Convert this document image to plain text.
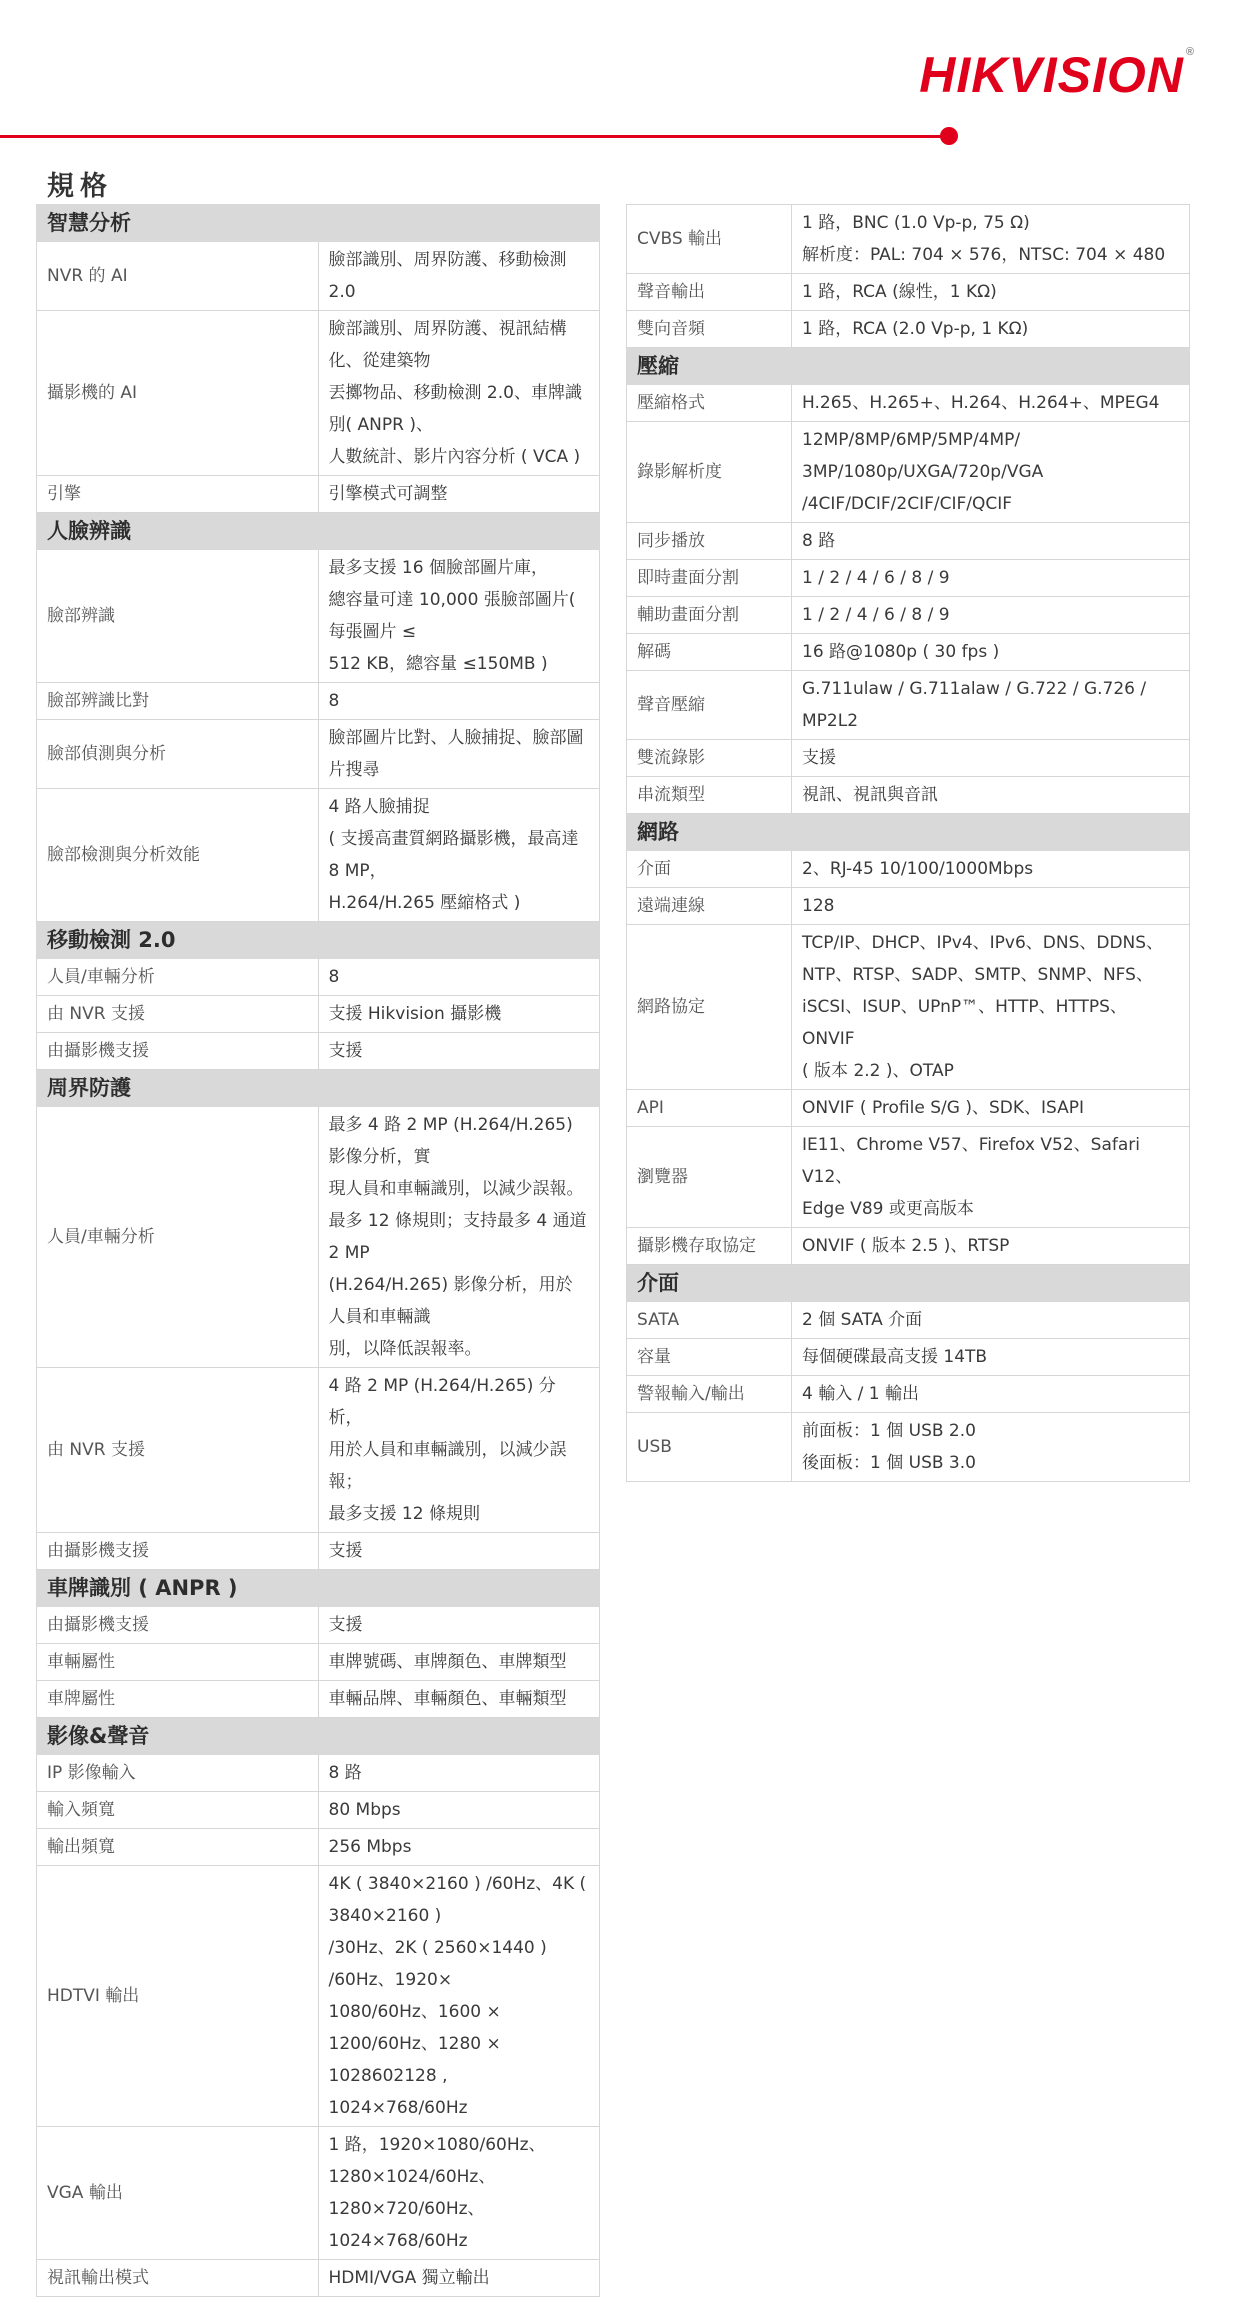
HIKVISION ®
規格
智慧分析	
NVR 的 AI	臉部識別、周界防護、移動檢測 2.0

攝影機的 AI	臉部識別、周界防護、視訊結構化、從建築物
丟擲物品、移動檢測 2.0、車牌識別( ANPR )、
人數統計、影片內容分析 ( VCA )

引擎	引擎模式可調整

人臉辨識	
臉部辨識	最多支援 16 個臉部圖片庫，
總容量可達 10,000 張臉部圖片( 每張圖片 ≤
512 KB，總容量 ≤150MB )

臉部辨識比對	8

臉部偵測與分析	臉部圖片比對、人臉捕捉、臉部圖片搜尋

臉部檢測與分析效能	4 路人臉捕捉
( 支援高畫質網路攝影機，最高達 8 MP，
H.264/H.265 壓縮格式 )

移動檢測 2.0	
人員/車輛分析	8

由 NVR 支援	支援 Hikvision 攝影機

由攝影機支援	支援

周界防護	
人員/車輛分析	最多 4 路 2 MP (H.264/H.265) 影像分析，實
現人員和車輛識別，以減少誤報。
最多 12 條規則；支持最多 4 通道 2 MP
(H.264/H.265) 影像分析，用於人員和車輛識
別，以降低誤報率。

由 NVR 支援	4 路 2 MP (H.264/H.265) 分析，
用於人員和車輛識別，以減少誤報；
最多支援 12 條規則

由攝影機支援	支援

車牌識別 ( ANPR )	
由攝影機支援	支援

車輛屬性	車牌號碼、車牌顏色、車牌類型

車牌屬性	車輛品牌、車輛顏色、車輛類型

影像&聲音	
IP 影像輸入	8 路

輸入頻寬	80 Mbps

輸出頻寬	256 Mbps

HDTVI 輸出	4K ( 3840×2160 ) /60Hz、4K ( 3840×2160 )
/30Hz、2K ( 2560×1440 ) /60Hz、1920×
1080/60Hz、1600 × 1200/60Hz、1280 ×
1028602128 , 1024×768/60Hz

VGA 輸出	1 路，1920×1080/60Hz、1280×1024/60Hz、
1280×720/60Hz、1024×768/60Hz

視訊輸出模式	HDMI/VGA 獨立輸出
CVBS 輸出	1 路，BNC (1.0 Vp-p, 75 Ω)
解析度：PAL: 704 × 576，NTSC: 704 × 480

聲音輸出	1 路，RCA (線性，1 KΩ)

雙向音頻	1 路，RCA (2.0 Vp-p, 1 KΩ)

壓縮	
壓縮格式	H.265、H.265+、H.264、H.264+、MPEG4

錄影解析度	12MP/8MP/6MP/5MP/4MP/
3MP/1080p/UXGA/720p/VGA
/4CIF/DCIF/2CIF/CIF/QCIF

同步播放	8 路

即時畫面分割	1 / 2 / 4 / 6 / 8 / 9

輔助畫面分割	1 / 2 / 4 / 6 / 8 / 9

解碼	16 路@1080p ( 30 fps )

聲音壓縮	G.711ulaw / G.711alaw / G.722 / G.726 /
MP2L2

雙流錄影	支援

串流類型	視訊、視訊與音訊

網路	
介面	2、RJ-45 10/100/1000Mbps

遠端連線	128

網路協定	TCP/IP、DHCP、IPv4、IPv6、DNS、DDNS、
NTP、RTSP、SADP、SMTP、SNMP、NFS、
iSCSI、ISUP、UPnP™、HTTP、HTTPS、ONVIF
( 版本 2.2 )、OTAP

API	ONVIF ( Profile S/G )、SDK、ISAPI

瀏覽器	IE11、Chrome V57、Firefox V52、Safari V12、
Edge V89 或更高版本

攝影機存取協定	ONVIF ( 版本 2.5 )、RTSP

介面	
SATA	2 個 SATA 介面

容量	每個硬碟最高支援 14TB

警報輸入/輸出	4 輸入 / 1 輸出

USB	前面板：1 個 USB 2.0
後面板：1 個 USB 3.0
